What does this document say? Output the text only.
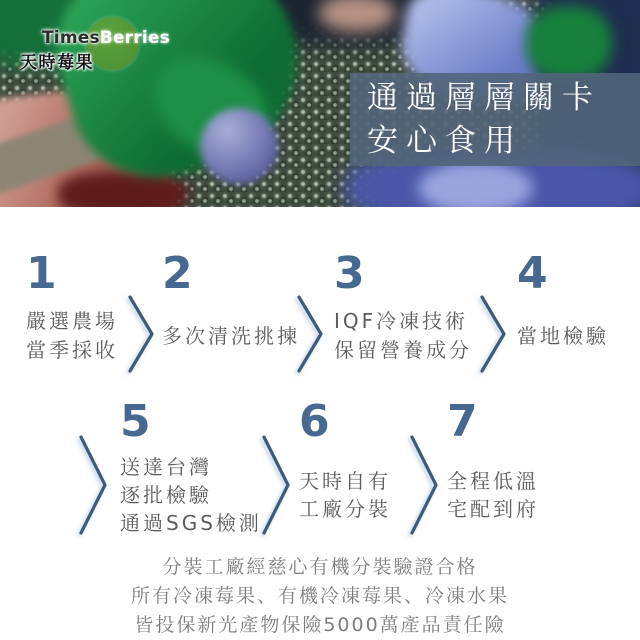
TimesBerries
天時莓果
通過層層關卡
安心食用
1
嚴選農場
當季採收
2
多次清洗挑揀
3
IQF冷凍技術
保留營養成分
4
當地檢驗
5
送達台灣
逐批檢驗
通過SGS檢測
6
天時自有
工廠分裝
7
全程低溫
宅配到府
分裝工廠經慈心有機分裝驗證合格
所有冷凍莓果、有機冷凍莓果、冷凍水果
皆投保新光產物保險5000萬產品責任險
